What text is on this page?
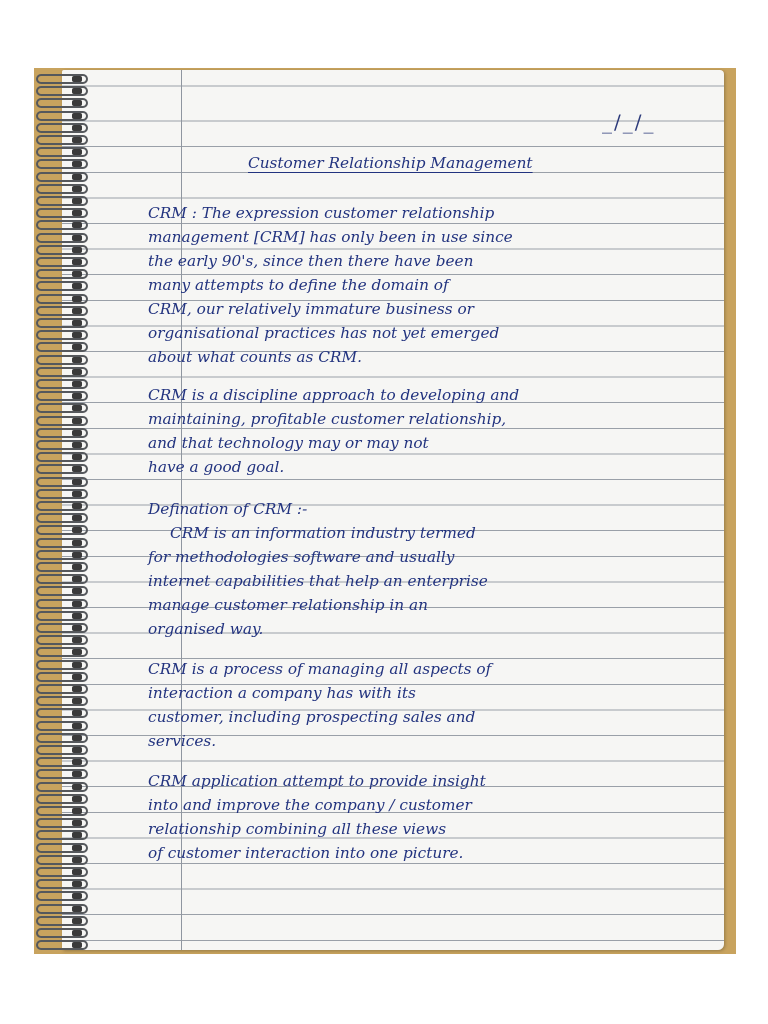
_/_/_
Customer Relationship Management
CRM : The expression customer relationship
management [CRM] has only been in use since
the early 90's, since then there have been
many attempts to define the domain of
CRM, our relatively immature business or
organisational practices has not yet emerged
about what counts as CRM.
CRM is a discipline approach to developing and
maintaining, profitable customer relationship,
and that technology may or may not
have a good goal.
Defination of CRM :-
CRM is an information industry termed
for methodologies software and usually
internet capabilities that help an enterprise
manage customer relationship in an
organised way.
CRM is a process of managing all aspects of
interaction a company has with its
customer, including prospecting sales and
services.
CRM application attempt to provide insight
into and improve the company / customer
relationship combining all these views
of customer interaction into one picture.
